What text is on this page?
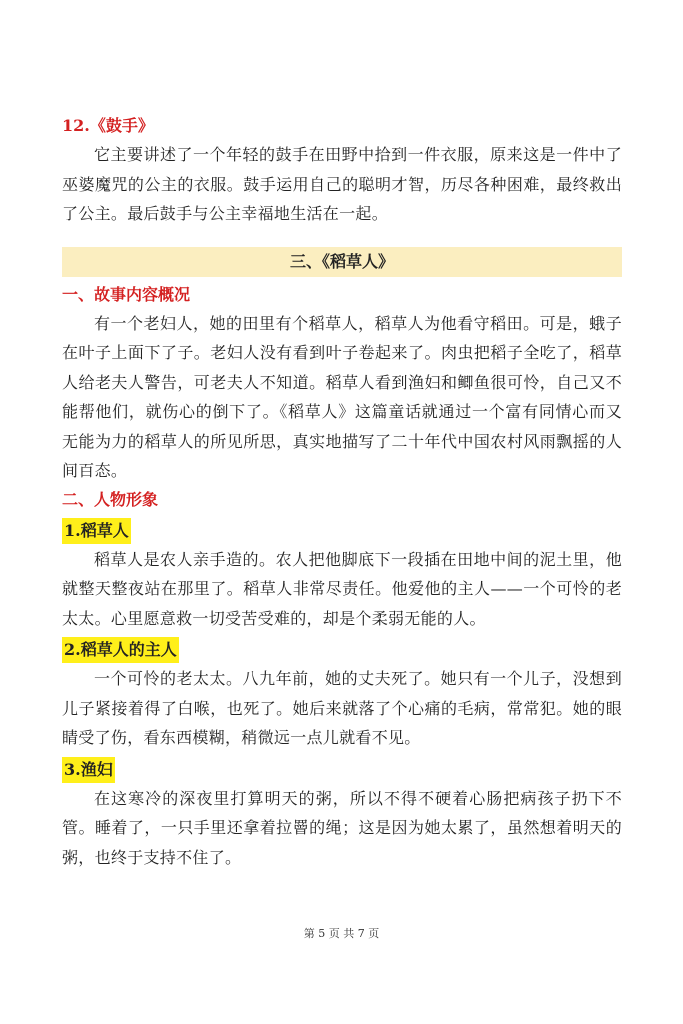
12.《鼓手》

它主要讲述了一个年轻的鼓手在田野中拾到一件衣服，原来这是一件中了巫婆魔咒的公主的衣服。鼓手运用自己的聪明才智，历尽各种困难，最终救出了公主。最后鼓手与公主幸福地生活在一起。

三、《稻草人》

一、故事内容概况

有一个老妇人，她的田里有个稻草人，稻草人为他看守稻田。可是，蛾子在叶子上面下了子。老妇人没有看到叶子卷起来了。肉虫把稻子全吃了，稻草人给老夫人警告，可老夫人不知道。稻草人看到渔妇和鲫鱼很可怜，自己又不能帮他们，就伤心的倒下了。《稻草人》这篇童话就通过一个富有同情心而又无能为力的稻草人的所见所思，真实地描写了二十年代中国农村风雨飘摇的人间百态。

二、人物形象

1.稻草人

稻草人是农人亲手造的。农人把他脚底下一段插在田地中间的泥土里，他就整天整夜站在那里了。稻草人非常尽责任。他爱他的主人——一个可怜的老太太。心里愿意救一切受苦受难的，却是个柔弱无能的人。

2.稻草人的主人

一个可怜的老太太。八九年前，她的丈夫死了。她只有一个儿子，没想到儿子紧接着得了白喉，也死了。她后来就落了个心痛的毛病，常常犯。她的眼睛受了伤，看东西模糊，稍微远一点儿就看不见。

3.渔妇

在这寒冷的深夜里打算明天的粥，所以不得不硬着心肠把病孩子扔下不管。睡着了，一只手里还拿着拉罾的绳；这是因为她太累了，虽然想着明天的粥，也终于支持不住了。

第 5 页 共 7 页
